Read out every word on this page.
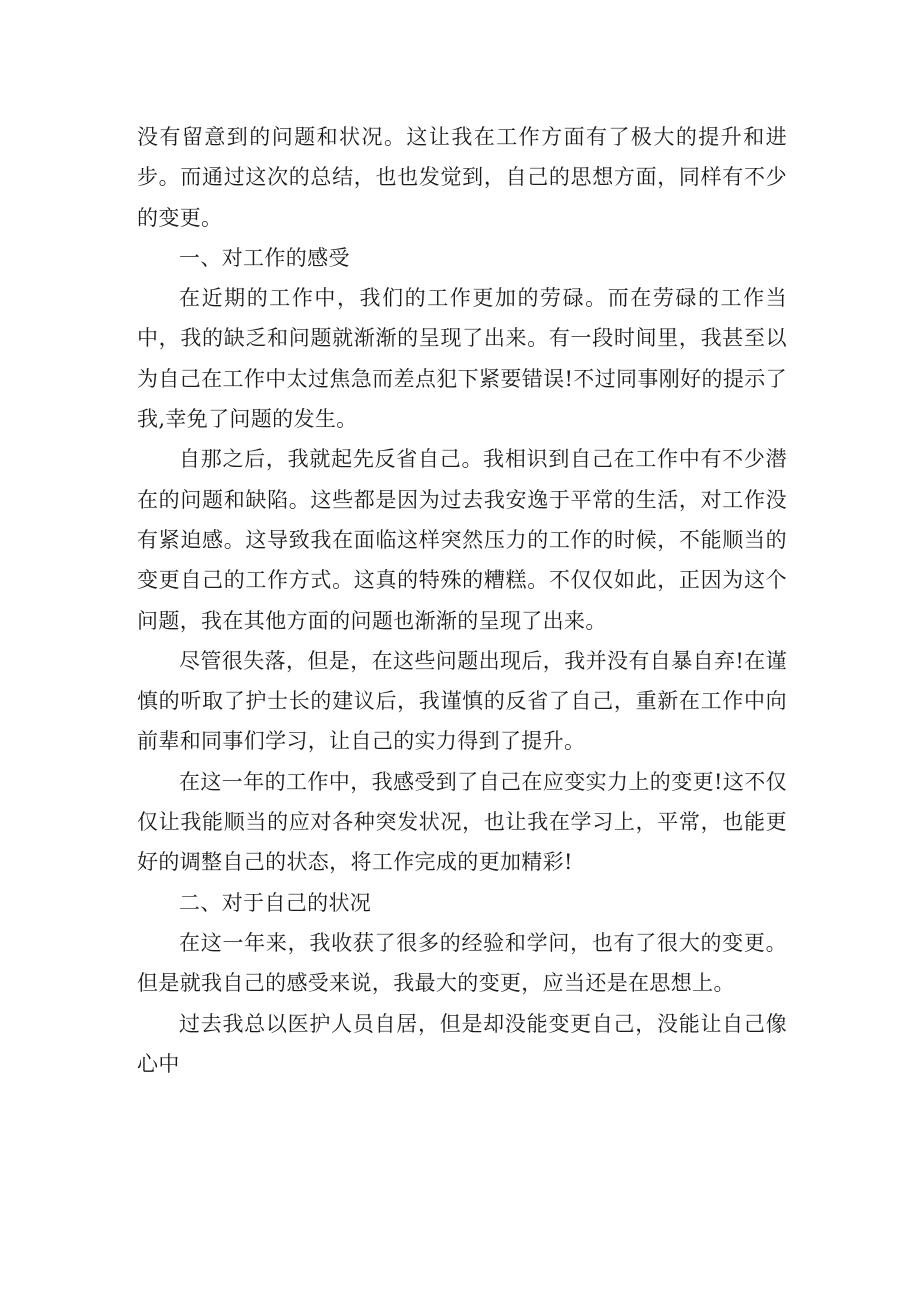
没有留意到的问题和状况。这让我在工作方面有了极大的提升和进步。而通过这次的总结，也也发觉到，自己的思想方面，同样有不少的变更。

一、对工作的感受

在近期的工作中，我们的工作更加的劳碌。而在劳碌的工作当中，我的缺乏和问题就渐渐的呈现了出来。有一段时间里，我甚至以为自己在工作中太过焦急而差点犯下紧要错误!不过同事刚好的提示了我,幸免了问题的发生。

自那之后，我就起先反省自己。我相识到自己在工作中有不少潜在的问题和缺陷。这些都是因为过去我安逸于平常的生活，对工作没有紧迫感。这导致我在面临这样突然压力的工作的时候，不能顺当的变更自己的工作方式。这真的特殊的糟糕。不仅仅如此，正因为这个问题，我在其他方面的问题也渐渐的呈现了出来。

尽管很失落，但是，在这些问题出现后，我并没有自暴自弃!在谨慎的听取了护士长的建议后，我谨慎的反省了自己，重新在工作中向前辈和同事们学习，让自己的实力得到了提升。

在这一年的工作中，我感受到了自己在应变实力上的变更!这不仅仅让我能顺当的应对各种突发状况，也让我在学习上，平常，也能更好的调整自己的状态，将工作完成的更加精彩!

二、对于自己的状况

在这一年来，我收获了很多的经验和学问，也有了很大的变更。但是就我自己的感受来说，我最大的变更，应当还是在思想上。

过去我总以医护人员自居，但是却没能变更自己，没能让自己像心中
